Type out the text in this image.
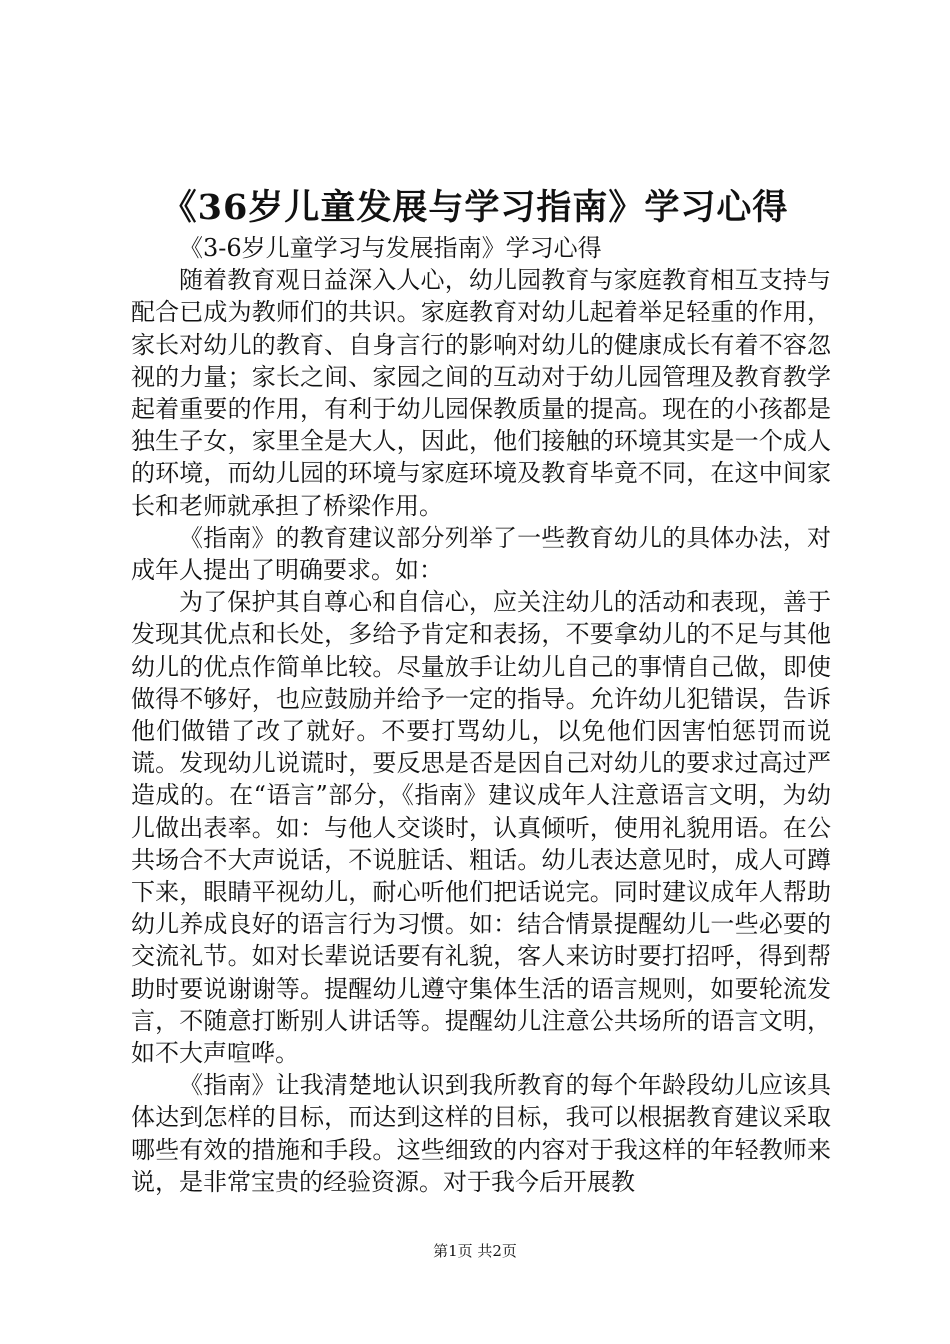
《36岁儿童发展与学习指南》学习心得

《3-6岁儿童学习与发展指南》学习心得

随着教育观日益深入人心，幼儿园教育与家庭教育相互支持与配合已成为教师们的共识。家庭教育对幼儿起着举足轻重的作用，家长对幼儿的教育、自身言行的影响对幼儿的健康成长有着不容忽视的力量；家长之间、家园之间的互动对于幼儿园管理及教育教学起着重要的作用，有利于幼儿园保教质量的提高。现在的小孩都是独生子女，家里全是大人，因此，他们接触的环境其实是一个成人的环境，而幼儿园的环境与家庭环境及教育毕竟不同，在这中间家长和老师就承担了桥梁作用。

《指南》的教育建议部分列举了一些教育幼儿的具体办法，对成年人提出了明确要求。如：

为了保护其自尊心和自信心，应关注幼儿的活动和表现，善于发现其优点和长处，多给予肯定和表扬，不要拿幼儿的不足与其他幼儿的优点作简单比较。尽量放手让幼儿自己的事情自己做，即使做得不够好，也应鼓励并给予一定的指导。允许幼儿犯错误，告诉他们做错了改了就好。不要打骂幼儿，以免他们因害怕惩罚而说谎。发现幼儿说谎时，要反思是否是因自己对幼儿的要求过高过严造成的。在“语言”部分，《指南》建议成年人注意语言文明，为幼儿做出表率。如：与他人交谈时，认真倾听，使用礼貌用语。在公共场合不大声说话，不说脏话、粗话。幼儿表达意见时，成人可蹲下来，眼睛平视幼儿，耐心听他们把话说完。同时建议成年人帮助幼儿养成良好的语言行为习惯。如：结合情景提醒幼儿一些必要的交流礼节。如对长辈说话要有礼貌，客人来访时要打招呼，得到帮助时要说谢谢等。提醒幼儿遵守集体生活的语言规则，如要轮流发言，不随意打断别人讲话等。提醒幼儿注意公共场所的语言文明，如不大声喧哗。

《指南》让我清楚地认识到我所教育的每个年龄段幼儿应该具体达到怎样的目标，而达到这样的目标，我可以根据教育建议采取哪些有效的措施和手段。这些细致的内容对于我这样的年轻教师来说，是非常宝贵的经验资源。对于我今后开展教

第1页 共2页
